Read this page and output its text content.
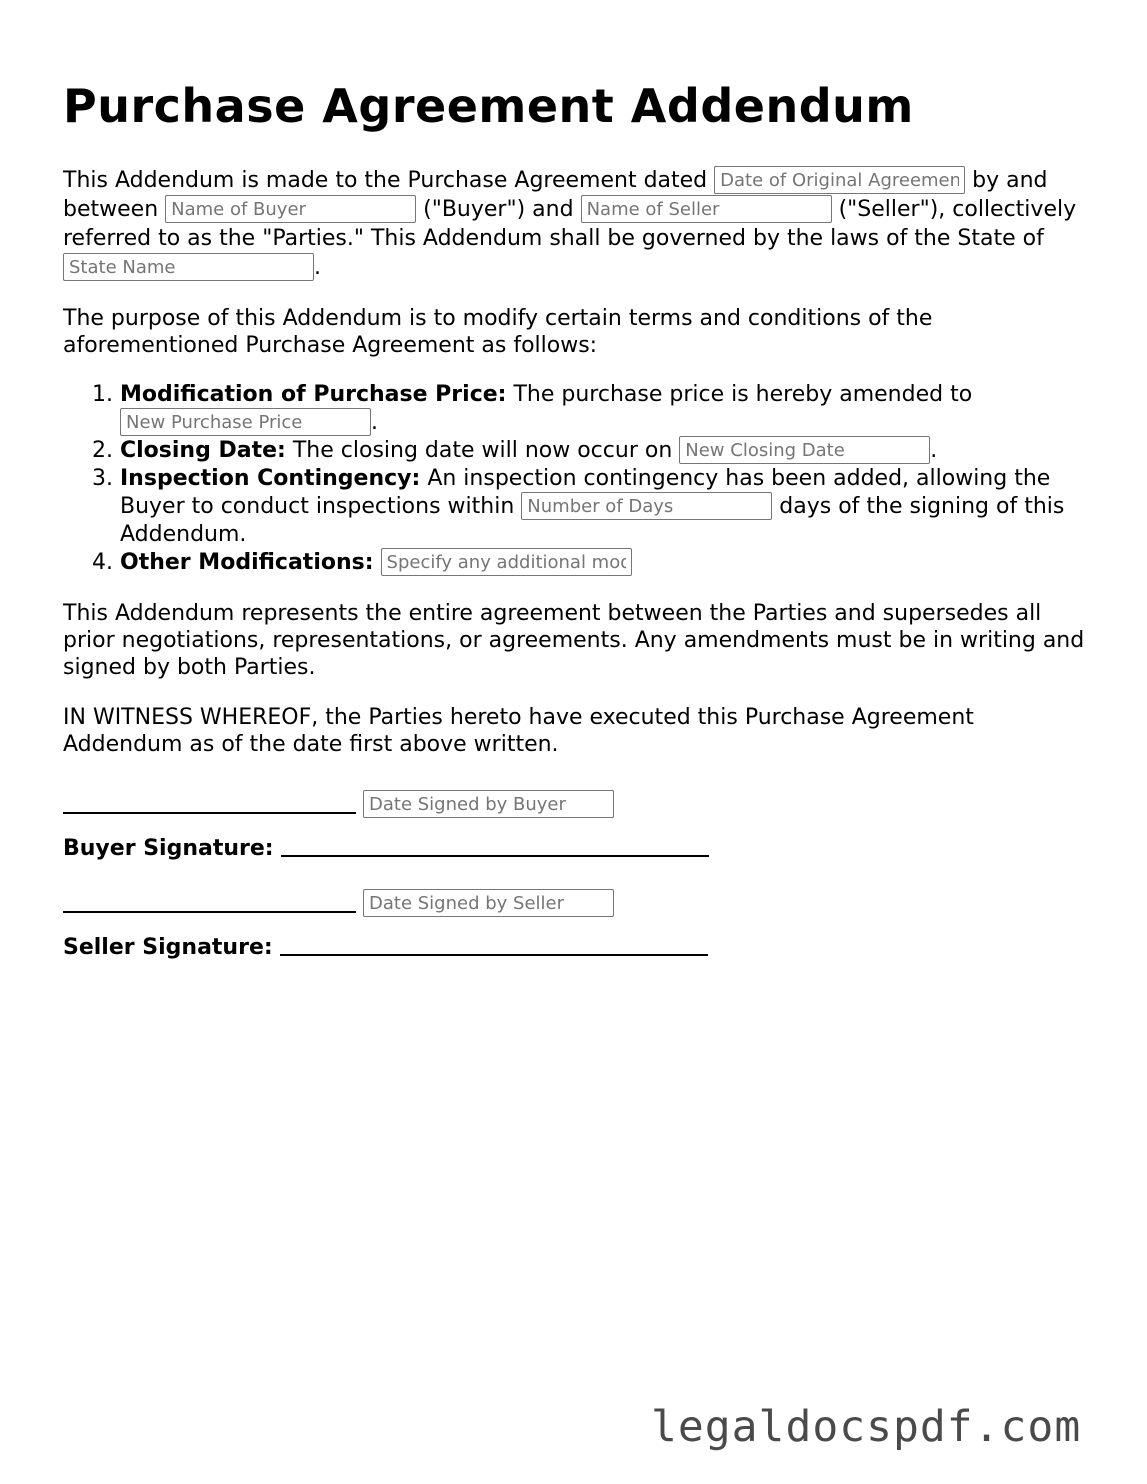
Purchase Agreement Addendum

This Addendum is made to the Purchase Agreement dated Date of Original Agreement	by and between Name of Buyer	("Buyer") and Name of Seller	("Seller"), collectively referred to as the "Parties." This Addendum shall be governed by the laws of the State of State Name.

The purpose of this Addendum is to modify certain terms and conditions of the aforementioned Purchase Agreement as follows:

1. Modification of Purchase Price: The purchase price is hereby amended to New Purchase Price.
2. Closing Date: The closing date will now occur on New Closing Date	.
3. Inspection Contingency: An inspection contingency has been added, allowing the Buyer to conduct inspections within Number of Days	days of the signing of this Addendum.
4. Other Modifications: Specify any additional modifications

This Addendum represents the entire agreement between the Parties and supersedes all prior negotiations, representations, or agreements. Any amendments must be in writing and signed by both Parties.

IN WITNESS WHEREOF, the Parties hereto have executed this Purchase Agreement Addendum as of the date first above written.

Date Signed by Buyer
Buyer Signature:
Date Signed by Seller
Seller Signature:
legaldocspdf.com
